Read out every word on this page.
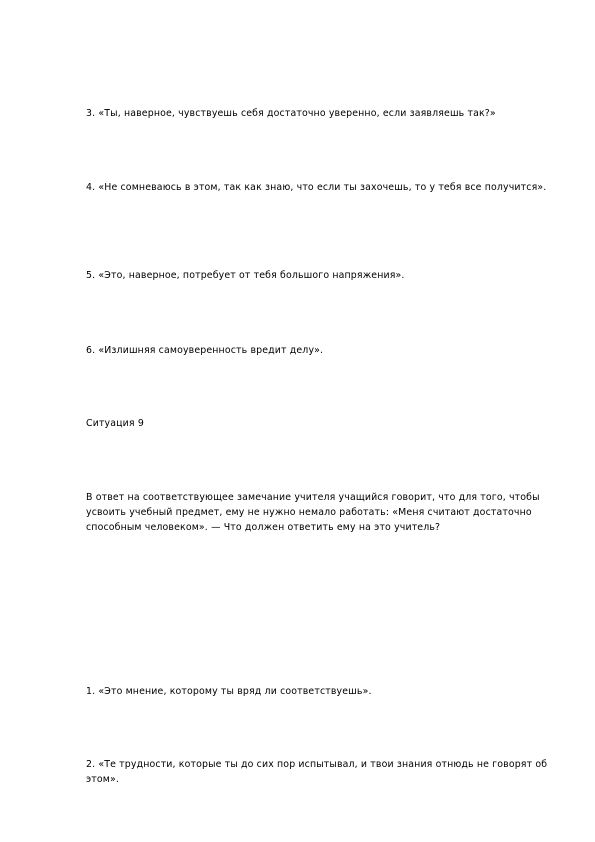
3. «Ты, наверное, чувствуешь себя достаточно уверенно, если заявляешь так?»

4. «Не сомневаюсь в этом, так как знаю, что если ты захочешь, то у тебя все получится».

5. «Это, наверное, потребует от тебя большого напряжения».

6. «Излишняя самоуверенность вредит делу».

Ситуация 9

В ответ на соответствующее замечание учителя учащийся говорит, что для того, чтобы усвоить учебный предмет, ему не нужно немало работать: «Меня считают достаточно способным человеком». — Что должен ответить ему на это учитель?

1. «Это мнение, которому ты вряд ли соответствуешь».

2. «Те трудности, которые ты до сих пор испытывал, и твои знания отнюдь не говорят об этом».
